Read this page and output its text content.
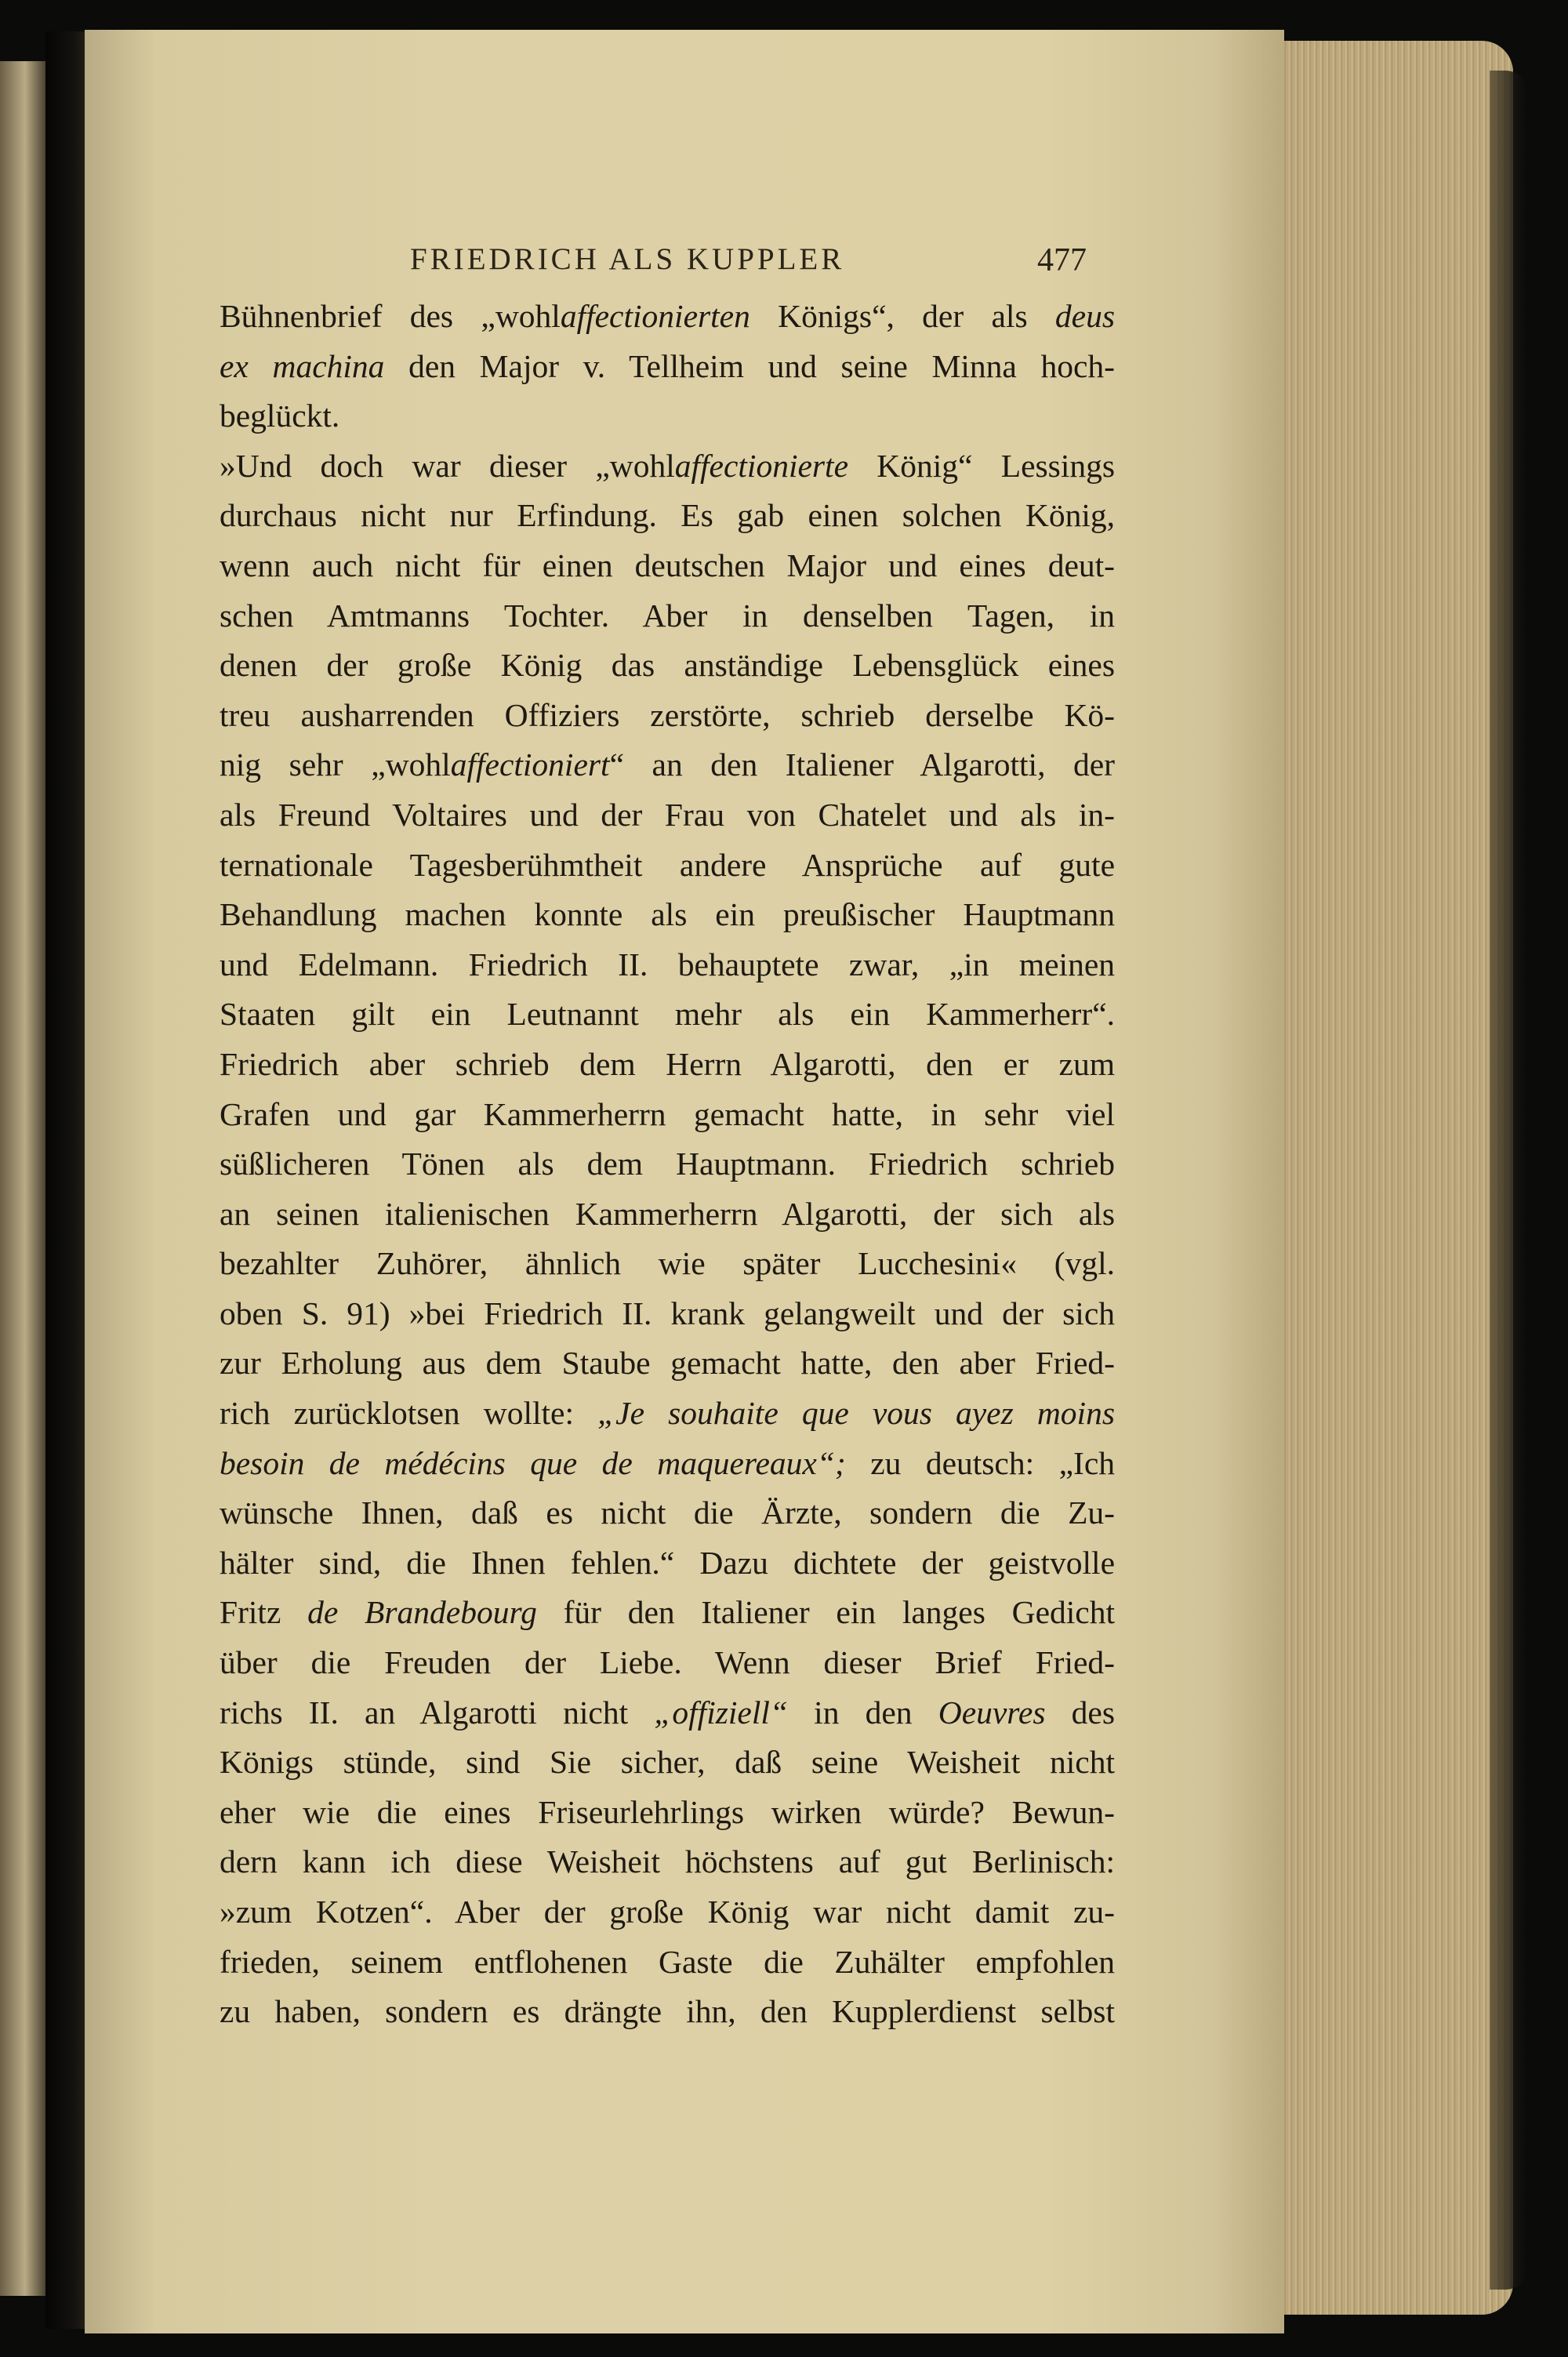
FRIEDRICH ALS KUPPLER	477
Bühnenbrief des „wohlaffectionierten Königs“, der als deus
ex machina den Major v. Tellheim und seine Minna hoch-
beglückt.
»Und doch war dieser „wohlaffectionierte König“ Lessings
durchaus nicht nur Erfindung. Es gab einen solchen König,
wenn auch nicht für einen deutschen Major und eines deut-
schen Amtmanns Tochter. Aber in denselben Tagen, in
denen der große König das anständige Lebensglück eines
treu ausharrenden Offiziers zerstörte, schrieb derselbe Kö-
nig sehr „wohlaffectioniert“ an den Italiener Algarotti, der
als Freund Voltaires und der Frau von Chatelet und als in-
ternationale Tagesberühmtheit andere Ansprüche auf gute
Behandlung machen konnte als ein preußischer Hauptmann
und Edelmann. Friedrich II. behauptete zwar, „in meinen
Staaten gilt ein Leutnannt mehr als ein Kammerherr“.
Friedrich aber schrieb dem Herrn Algarotti, den er zum
Grafen und gar Kammerherrn gemacht hatte, in sehr viel
süßlicheren Tönen als dem Hauptmann. Friedrich schrieb
an seinen italienischen Kammerherrn Algarotti, der sich als
bezahlter Zuhörer, ähnlich wie später Lucchesini« (vgl.
oben S. 91) »bei Friedrich II. krank gelangweilt und der sich
zur Erholung aus dem Staube gemacht hatte, den aber Fried-
rich zurücklotsen wollte: „Je souhaite que vous ayez moins
besoin de médécins que de maquereaux“; zu deutsch: „Ich
wünsche Ihnen, daß es nicht die Ärzte, sondern die Zu-
hälter sind, die Ihnen fehlen.“ Dazu dichtete der geistvolle
Fritz de Brandebourg für den Italiener ein langes Gedicht
über die Freuden der Liebe. Wenn dieser Brief Fried-
richs II. an Algarotti nicht „offiziell“ in den Oeuvres des
Königs stünde, sind Sie sicher, daß seine Weisheit nicht
eher wie die eines Friseurlehrlings wirken würde? Bewun-
dern kann ich diese Weisheit höchstens auf gut Berlinisch:
»zum Kotzen“. Aber der große König war nicht damit zu-
frieden, seinem entflohenen Gaste die Zuhälter empfohlen
zu haben, sondern es drängte ihn, den Kupplerdienst selbst
